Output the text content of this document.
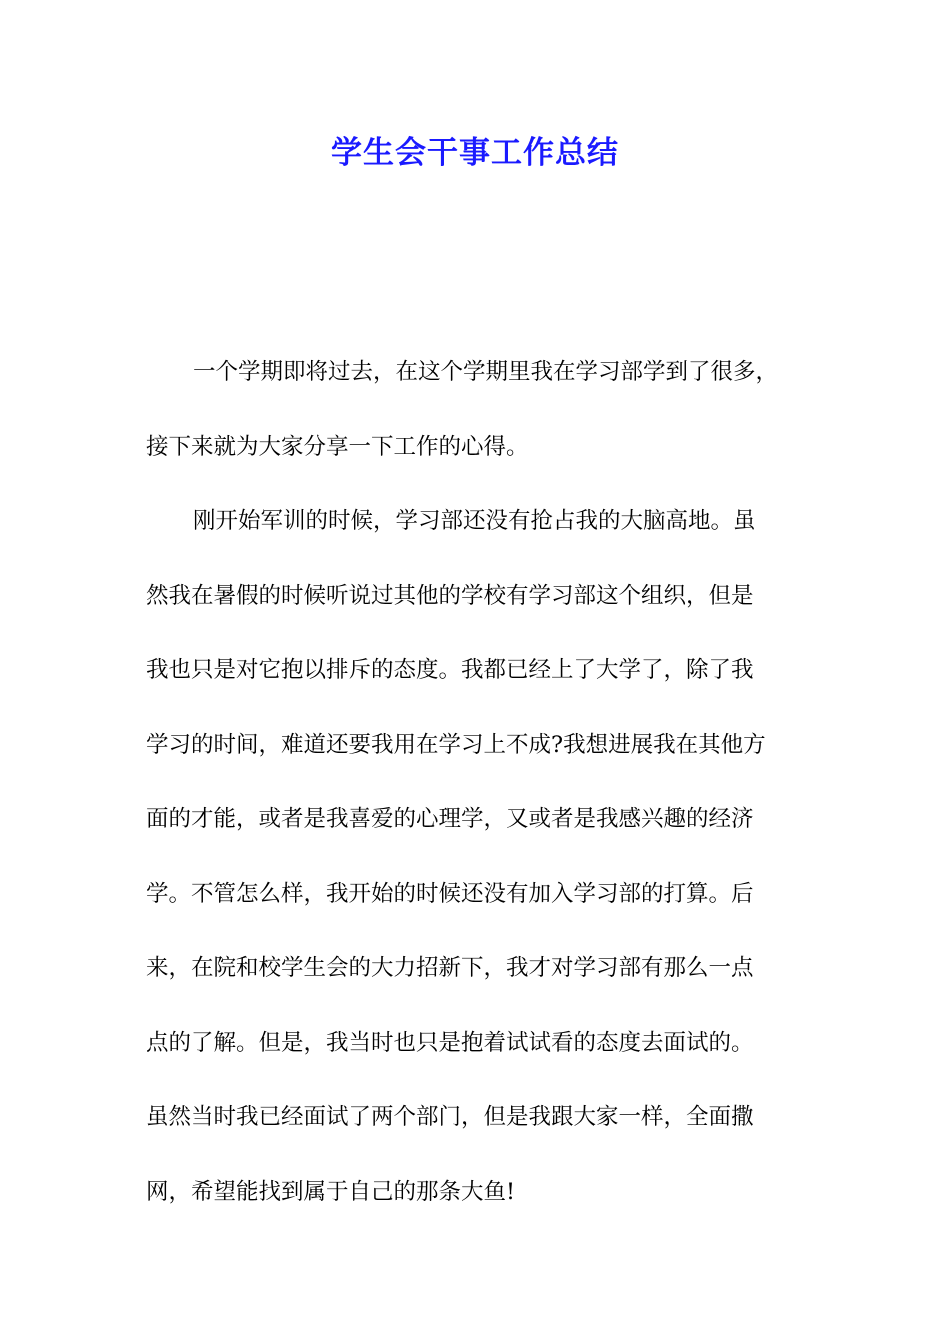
学生会干事工作总结
一个学期即将过去，在这个学期里我在学习部学到了很多，
接下来就为大家分享一下工作的心得。
刚开始军训的时候，学习部还没有抢占我的大脑高地。虽
然我在暑假的时候听说过其他的学校有学习部这个组织，但是
我也只是对它抱以排斥的态度。我都已经上了大学了，除了我
学习的时间，难道还要我用在学习上不成?我想进展我在其他方
面的才能，或者是我喜爱的心理学，又或者是我感兴趣的经济
学。不管怎么样，我开始的时候还没有加入学习部的打算。后
来，在院和校学生会的大力招新下，我才对学习部有那么一点
点的了解。但是，我当时也只是抱着试试看的态度去面试的。
虽然当时我已经面试了两个部门，但是我跟大家一样，全面撒
网，希望能找到属于自己的那条大鱼!
